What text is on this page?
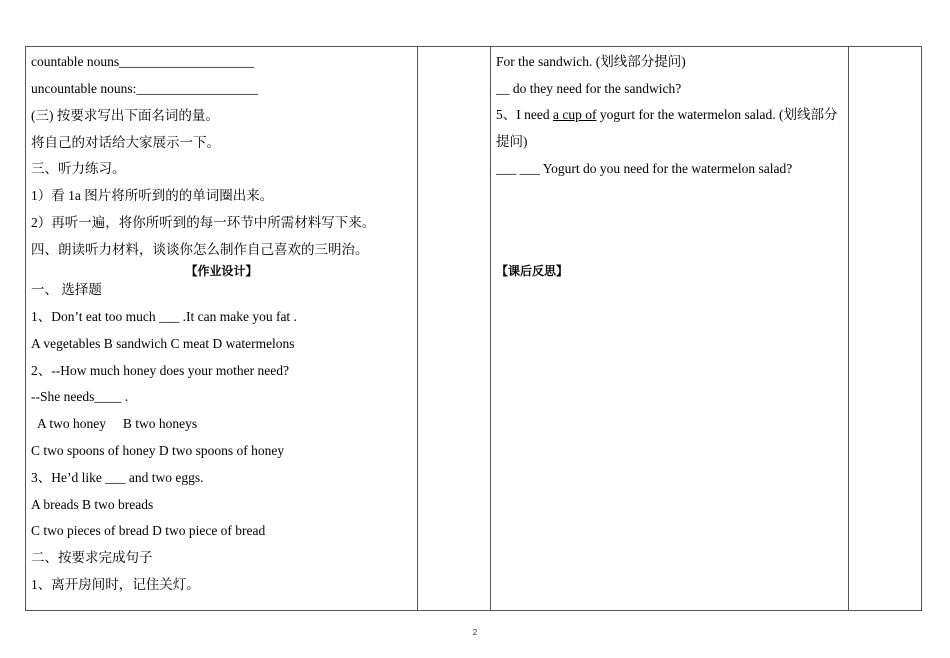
countable nouns____________________
uncountable nouns:__________________
(三) 按要求写出下面名词的量。
将自己的对话给大家展示一下。
三、听力练习。
1）看 1a 图片将所听到的的单词圈出来。
2）再听一遍，将你所听到的每一环节中所需材料写下来。
四、朗读听力材料，谈谈你怎么制作自己喜欢的三明治。
【作业设计】
一、 选择题
1、Don’t eat too much ___ .It can make you fat .
A vegetables B sandwich C meat D watermelons
2、--How much honey does your mother need?
--She needs____ .
A two honey     B two honeys
C two spoons of honey D two spoons of honey
3、He’d like ___ and two eggs.
A breads B two breads
C two pieces of bread D two piece of bread
二、按要求完成句子
1、离开房间时，记住关灯。
For the sandwich. (划线部分提问)
__ do they need for the sandwich?
5、I need a cup of yogurt for the watermelon salad. (划线部分提问)
___ ___ Yogurt do you need for the watermelon salad?
【课后反思】
2
